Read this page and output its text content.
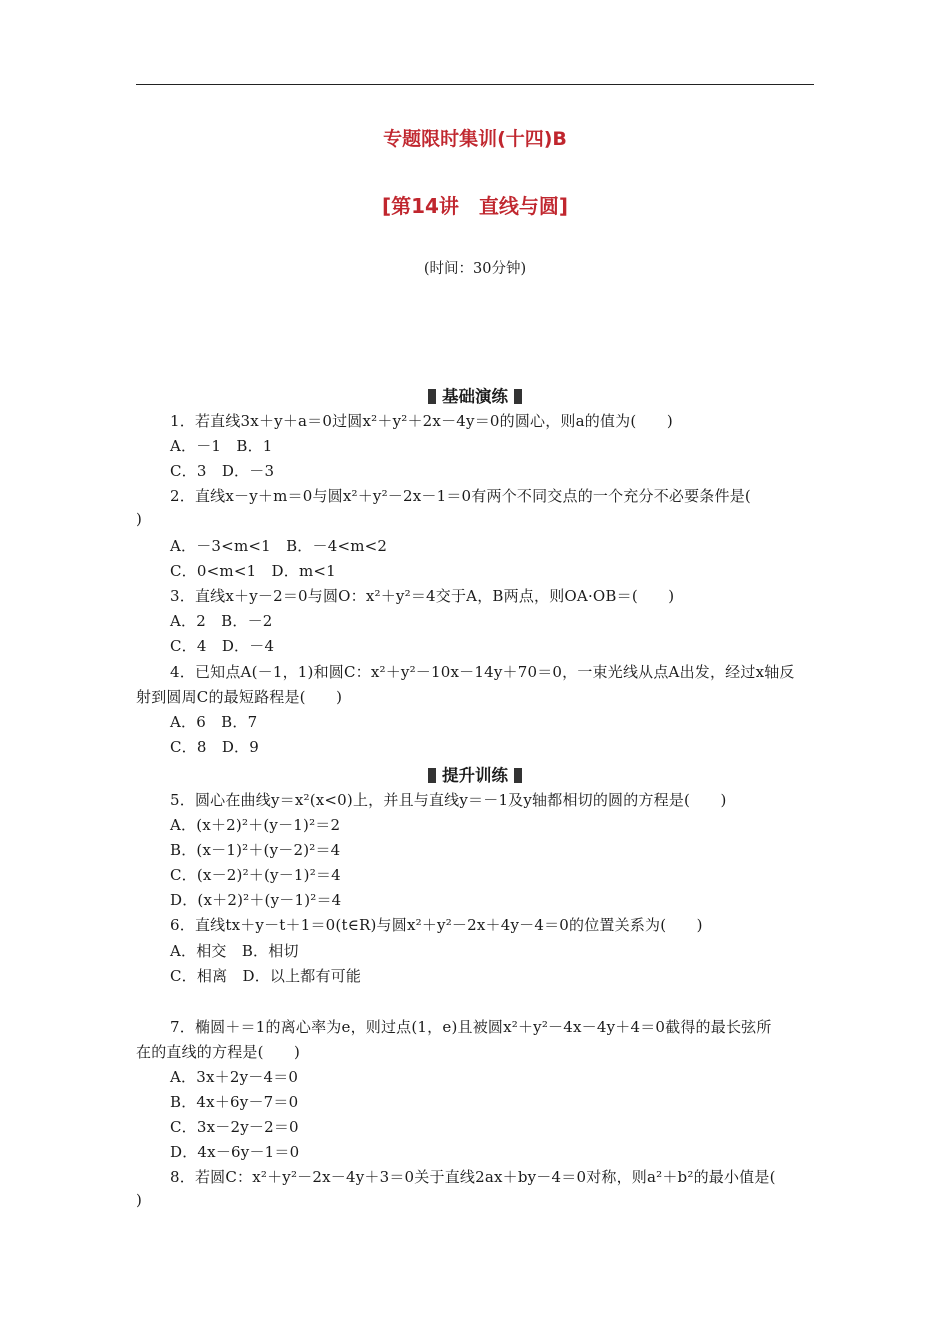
专题限时集训(十四)B
[第14讲　直线与圆]
(时间：30分钟)
基础演练
1．若直线3x＋y＋a＝0过圆x²＋y²＋2x－4y＝0的圆心，则a的值为(　　)
A．－1　B．1
C．3　D．－3
2．直线x－y＋m＝0与圆x²＋y²－2x－1＝0有两个不同交点的一个充分不必要条件是(
)
A．－3<m<1　B．－4<m<2
C．0<m<1　D．m<1
3．直线x＋y－2＝0与圆O：x²＋y²＝4交于A，B两点，则OA·OB＝(　　)
A．2　B．－2
C．4　D．－4
4．已知点A(－1，1)和圆C：x²＋y²－10x－14y＋70＝0，一束光线从点A出发，经过x轴反
射到圆周C的最短路程是(　　)
A．6　B．7
C．8　D．9
提升训练
5．圆心在曲线y＝x²(x<0)上，并且与直线y＝－1及y轴都相切的圆的方程是(　　)
A．(x＋2)²＋(y－1)²＝2
B．(x－1)²＋(y－2)²＝4
C．(x－2)²＋(y－1)²＝4
D．(x＋2)²＋(y－1)²＝4
6．直线tx＋y－t＋1＝0(t∈R)与圆x²＋y²－2x＋4y－4＝0的位置关系为(　　)
A．相交　B．相切
C．相离　D．以上都有可能
7．椭圆＋＝1的离心率为e，则过点(1，e)且被圆x²＋y²－4x－4y＋4＝0截得的最长弦所
在的直线的方程是(　　)
A．3x＋2y－4＝0
B．4x＋6y－7＝0
C．3x－2y－2＝0
D．4x－6y－1＝0
8．若圆C：x²＋y²－2x－4y＋3＝0关于直线2ax＋by－4＝0对称，则a²＋b²的最小值是(
)
